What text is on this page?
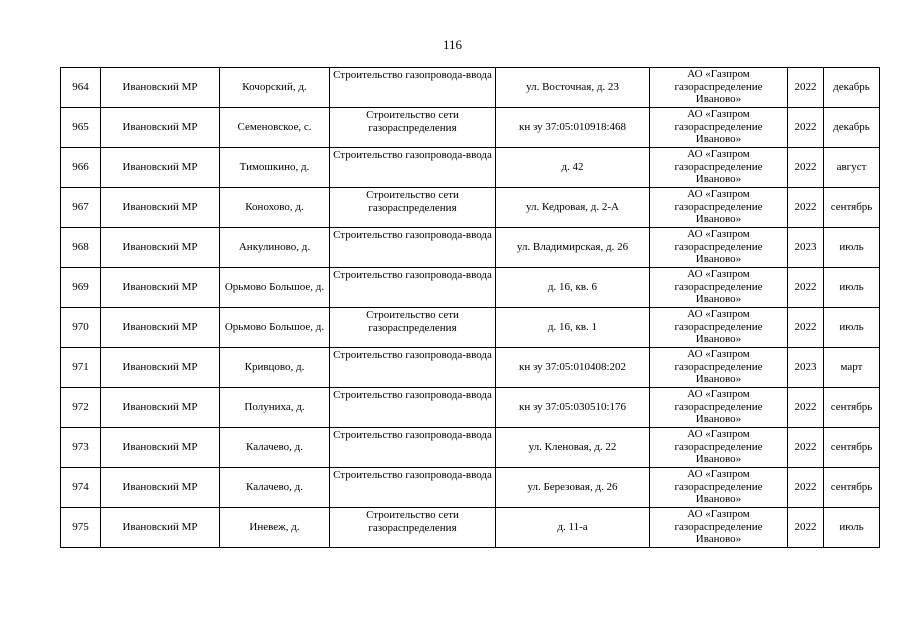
116
964	Ивановский МР	Кочорский, д.	Строительство газопровода-ввода	ул. Восточная, д. 23	АО «Газпром газораспределение Иваново»	2022	декабрь
965	Ивановский МР	Семеновское, с.	Строительство сети газораспределения	кн зу 37:05:010918:468	АО «Газпром газораспределение Иваново»	2022	декабрь
966	Ивановский МР	Тимошкино, д.	Строительство газопровода-ввода	д. 42	АО «Газпром газораспределение Иваново»	2022	август
967	Ивановский МР	Конохово, д.	Строительство сети газораспределения	ул. Кедровая, д. 2-А	АО «Газпром газораспределение Иваново»	2022	сентябрь
968	Ивановский МР	Анкулиново, д.	Строительство газопровода-ввода	ул. Владимирская, д. 26	АО «Газпром газораспределение Иваново»	2023	июль
969	Ивановский МР	Орьмово Большое, д.	Строительство газопровода-ввода	д. 16, кв. 6	АО «Газпром газораспределение Иваново»	2022	июль
970	Ивановский МР	Орьмово Большое, д.	Строительство сети газораспределения	д. 16, кв. 1	АО «Газпром газораспределение Иваново»	2022	июль
971	Ивановский МР	Кривцово, д.	Строительство газопровода-ввода	кн зу 37:05:010408:202	АО «Газпром газораспределение Иваново»	2023	март
972	Ивановский МР	Полуниха, д.	Строительство газопровода-ввода	кн зу 37:05:030510:176	АО «Газпром газораспределение Иваново»	2022	сентябрь
973	Ивановский МР	Калачево, д.	Строительство газопровода-ввода	ул. Кленовая, д. 22	АО «Газпром газораспределение Иваново»	2022	сентябрь
974	Ивановский МР	Калачево, д.	Строительство газопровода-ввода	ул. Березовая, д. 26	АО «Газпром газораспределение Иваново»	2022	сентябрь
975	Ивановский МР	Иневеж, д.	Строительство сети газораспределения	д. 11-а	АО «Газпром газораспределение Иваново»	2022	июль
